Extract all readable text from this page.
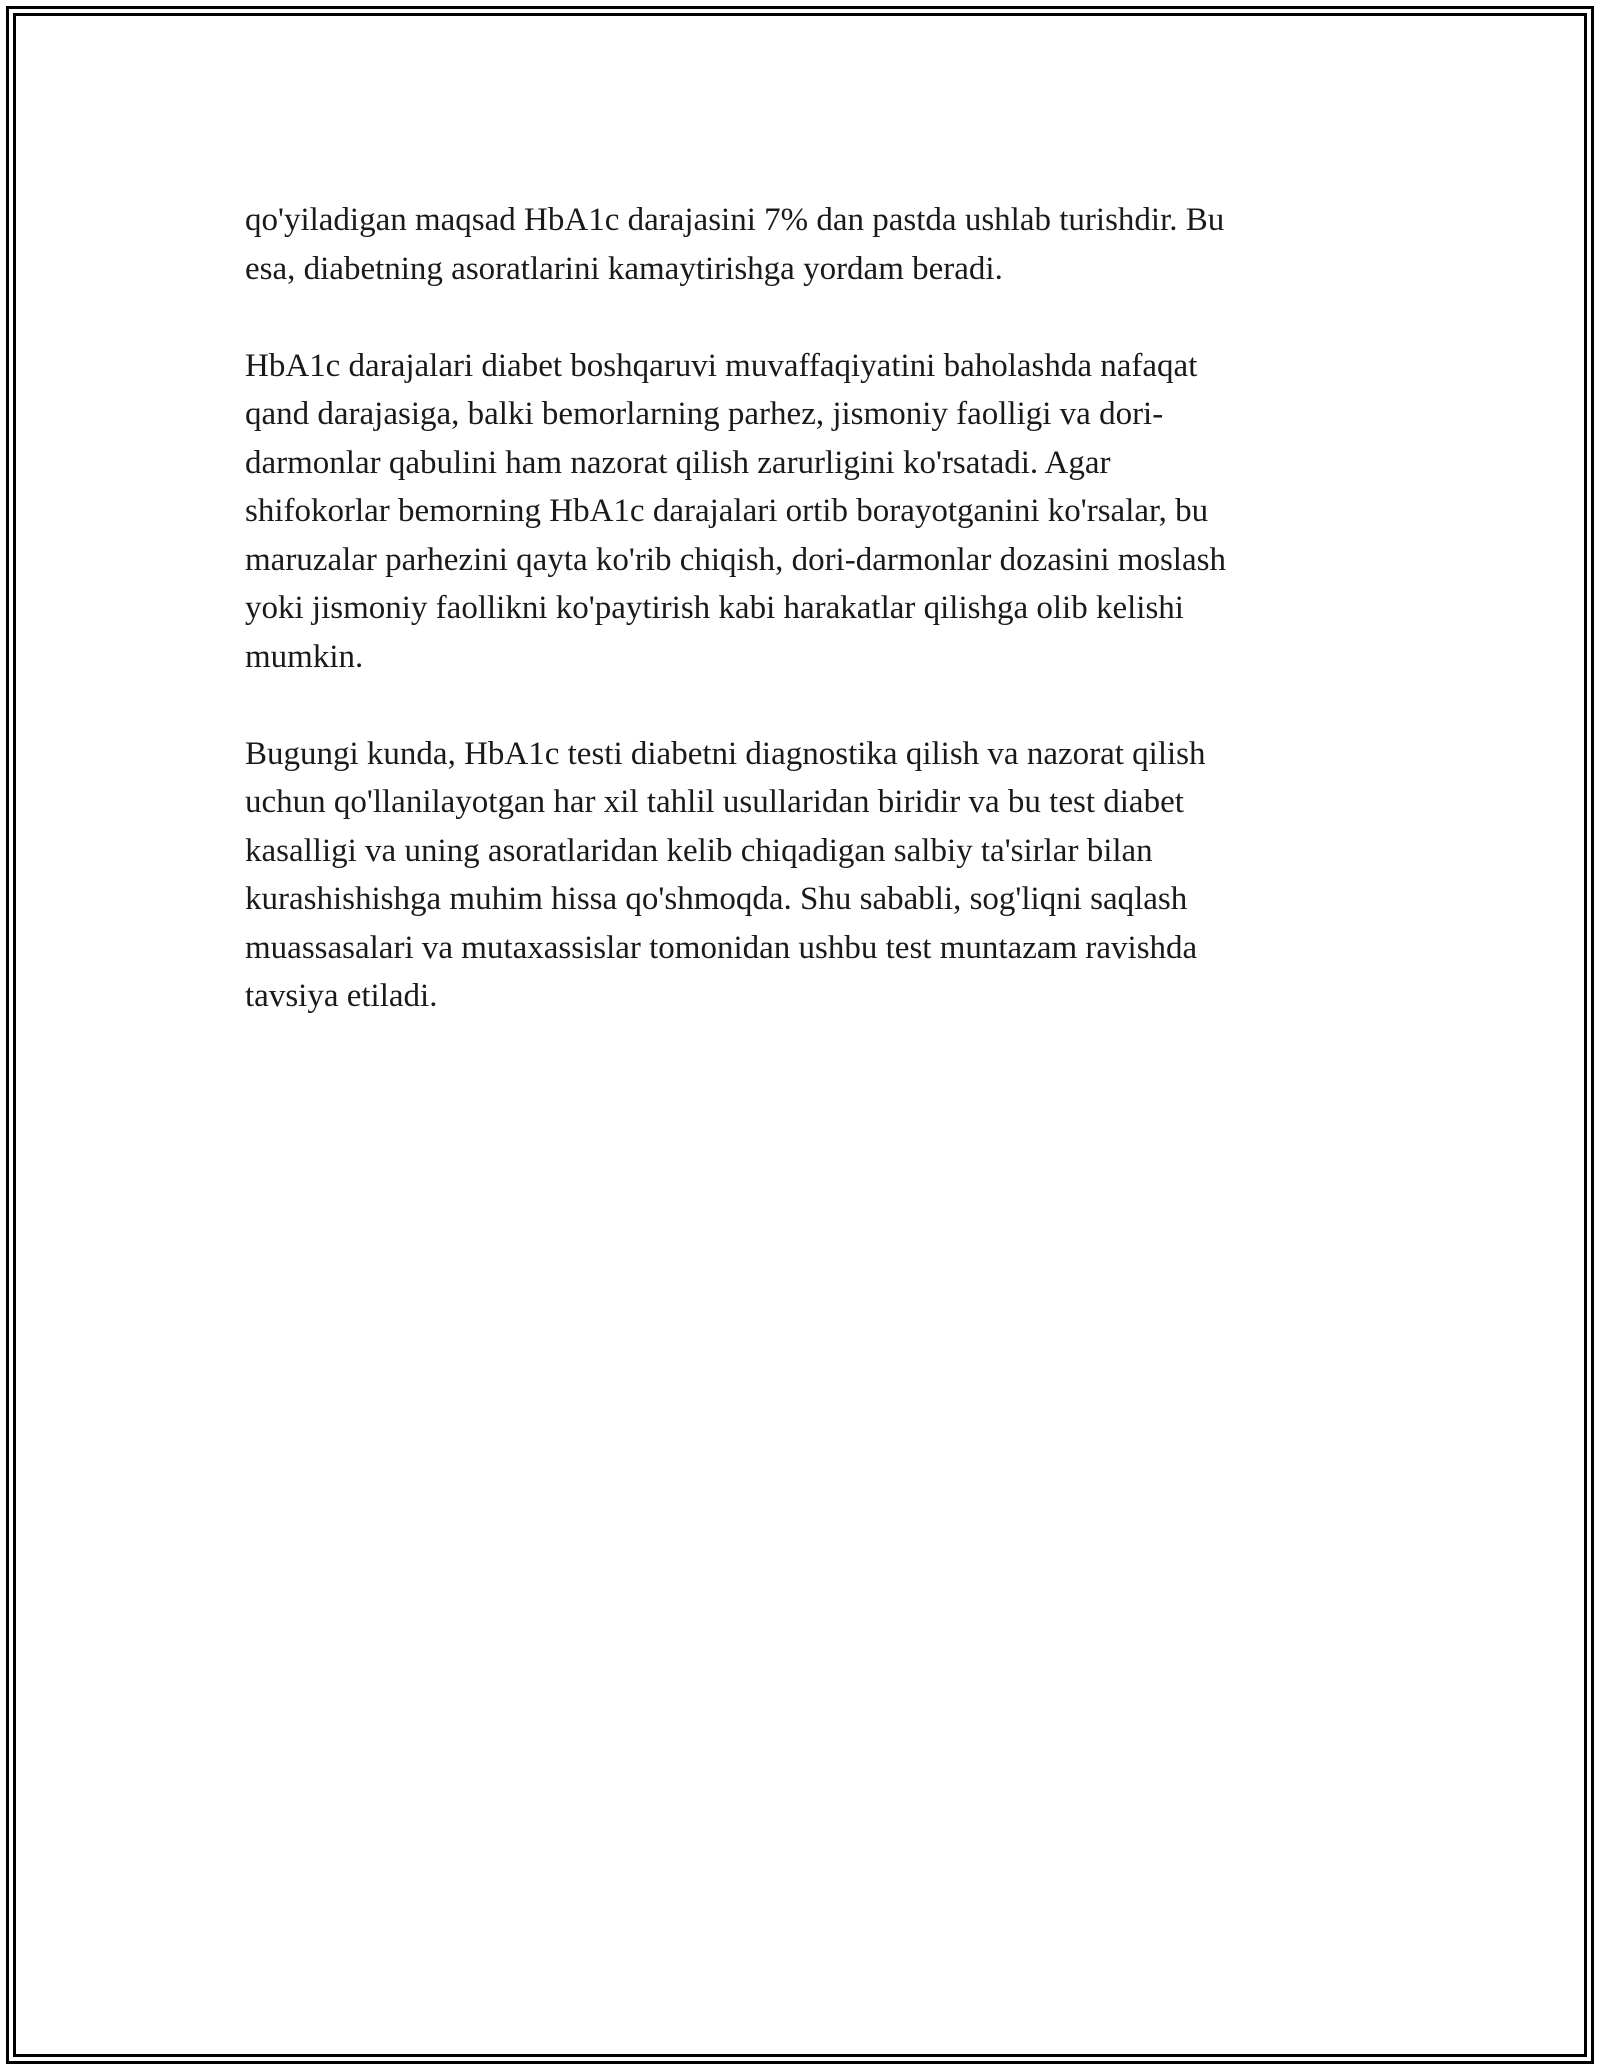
qo'yiladigan maqsad HbA1c darajasini 7% dan pastda ushlab turishdir. Bu
esa, diabetning asoratlarini kamaytirishga yordam beradi.

HbA1c darajalari diabet boshqaruvi muvaffaqiyatini baholashda nafaqat
qand darajasiga, balki bemorlarning parhez, jismoniy faolligi va dori-
darmonlar qabulini ham nazorat qilish zarurligini ko'rsatadi. Agar
shifokorlar bemorning HbA1c darajalari ortib borayotganini ko'rsalar, bu
maruzalar parhezini qayta ko'rib chiqish, dori-darmonlar dozasini moslash
yoki jismoniy faollikni ko'paytirish kabi harakatlar qilishga olib kelishi
mumkin.

Bugungi kunda, HbA1c testi diabetni diagnostika qilish va nazorat qilish
uchun qo'llanilayotgan har xil tahlil usullaridan biridir va bu test diabet
kasalligi va uning asoratlaridan kelib chiqadigan salbiy ta'sirlar bilan
kurashishishga muhim hissa qo'shmoqda. Shu sababli, sog'liqni saqlash
muassasalari va mutaxassislar tomonidan ushbu test muntazam ravishda
tavsiya etiladi.
